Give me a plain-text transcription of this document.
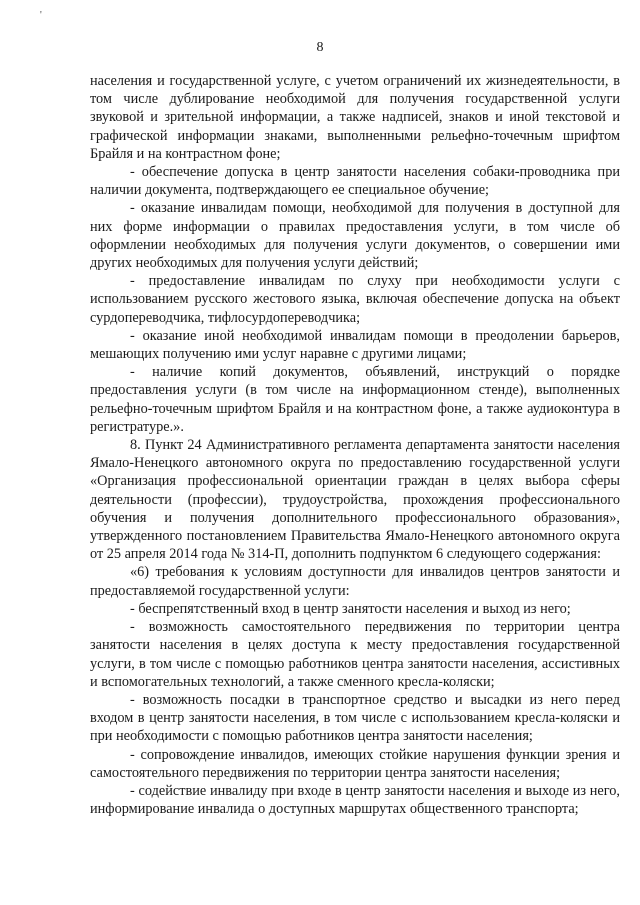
'
8

населения и государственной услуге, с учетом ограничений их жизнедеятельности, в том числе дублирование необходимой для получения государственной услуги звуковой и зрительной информации, а также надписей, знаков и иной текстовой и графической информации знаками, выполненными рельефно-точечным шрифтом Брайля и на контрастном фоне;

- обеспечение допуска в центр занятости населения собаки-проводника при наличии документа, подтверждающего ее специальное обучение;

- оказание инвалидам помощи, необходимой для получения в доступной для них форме информации о правилах предоставления услуги, в том числе об оформлении необходимых для получения услуги документов, о совершении ими других необходимых для получения услуги действий;

- предоставление инвалидам по слуху при необходимости услуги с использованием русского жестового языка, включая обеспечение допуска на объект сурдопереводчика, тифлосурдопереводчика;

- оказание иной необходимой инвалидам помощи в преодолении барьеров, мешающих получению ими услуг наравне с другими лицами;

- наличие копий документов, объявлений, инструкций о порядке предоставления услуги (в том числе на информационном стенде), выполненных рельефно-точечным шрифтом Брайля и на контрастном фоне, а также аудиоконтура в регистратуре.».

8. Пункт 24 Административного регламента департамента занятости населения Ямало-Ненецкого автономного округа по предоставлению государственной услуги «Организация профессиональной ориентации граждан в целях выбора сферы деятельности (профессии), трудоустройства, прохождения профессионального обучения и получения дополнительного профессионального образования», утвержденного постановлением Правительства Ямало-Ненецкого автономного округа от 25 апреля 2014 года № 314-П, дополнить подпунктом 6 следующего содержания:

«6) требования к условиям доступности для инвалидов центров занятости и предоставляемой государственной услуги:

- беспрепятственный вход в центр занятости населения и выход из него;

- возможность самостоятельного передвижения по территории центра занятости населения в целях доступа к месту предоставления государственной услуги, в том числе с помощью работников центра занятости населения, ассистивных и вспомогательных технологий, а также сменного кресла-коляски;

- возможность посадки в транспортное средство и высадки из него перед входом в центр занятости населения, в том числе с использованием кресла-коляски и при необходимости с помощью работников центра занятости населения;

- сопровождение инвалидов, имеющих стойкие нарушения функции зрения и самостоятельного передвижения по территории центра занятости населения;

- содействие инвалиду при входе в центр занятости населения и выходе из него, информирование инвалида о доступных маршрутах общественного транспорта;
